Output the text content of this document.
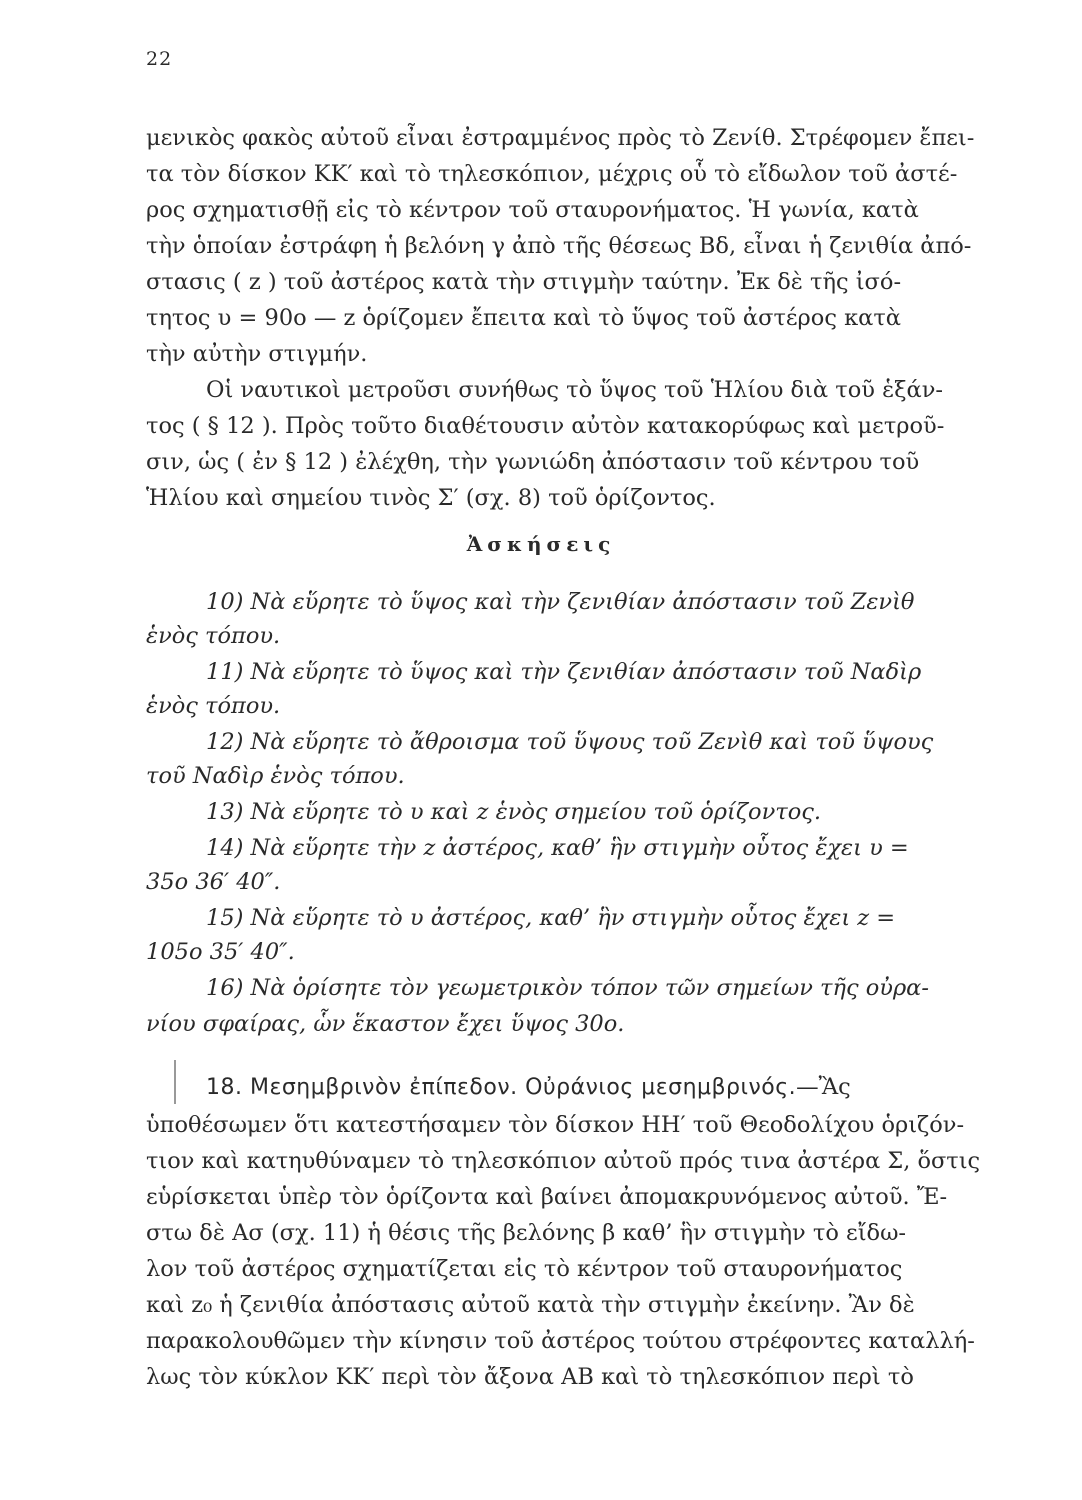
22
μενικὸς φακὸς αὐτοῦ εἶναι ἐστραμμένος πρὸς τὸ Ζενίθ. Στρέφομεν ἔπει-
τα τὸν δίσκον ΚΚ′ καὶ τὸ τηλεσκόπιον, μέχρις οὗ τὸ εἴδωλον τοῦ ἀστέ-
ρος σχηματισθῇ εἰς τὸ κέντρον τοῦ σταυρονήματος. Ἡ γωνία, κατὰ
τὴν ὁποίαν ἐστράφη ἡ βελόνη γ ἀπὸ τῆς θέσεως Βδ, εἶναι ἡ ζενιθία ἀπό-
στασις ( z ) τοῦ ἀστέρος κατὰ τὴν στιγμὴν ταύτην. Ἐκ δὲ τῆς ἰσό-
τητος υ = 90ο — z ὁρίζομεν ἔπειτα καὶ τὸ ὕψος τοῦ ἀστέρος κατὰ
τὴν αὐτὴν στιγμήν.
Οἱ ναυτικοὶ μετροῦσι συνήθως τὸ ὕψος τοῦ Ἡλίου διὰ τοῦ ἑξάν-
τος ( § 12 ). Πρὸς τοῦτο διαθέτουσιν αὐτὸν κατακορύφως καὶ μετροῦ-
σιν, ὡς ( ἐν § 12 ) ἐλέχθη, τὴν γωνιώδη ἀπόστασιν τοῦ κέντρου τοῦ
Ἡλίου καὶ σημείου τινὸς Σ′ (σχ. 8) τοῦ ὁρίζοντος.
Ἀσκήσεις
10) Νὰ εὕρητε τὸ ὕψος καὶ τὴν ζενιθίαν ἀπόστασιν τοῦ Ζενὶθ
ἑνὸς τόπου.
11) Νὰ εὕρητε τὸ ὕψος καὶ τὴν ζενιθίαν ἀπόστασιν τοῦ Ναδὶρ
ἑνὸς τόπου.
12) Νὰ εὕρητε τὸ ἄθροισμα τοῦ ὕψους τοῦ Ζενὶθ καὶ τοῦ ὕψους
τοῦ Ναδὶρ ἑνὸς τόπου.
13) Νὰ εὕρητε τὸ υ καὶ z ἑνὸς σημείου τοῦ ὁρίζοντος.
14) Νὰ εὕρητε τὴν z ἀστέρος, καθ’ ἣν στιγμὴν οὗτος ἔχει υ =
35ο 36′ 40″.
15) Νὰ εὕρητε τὸ υ ἀστέρος, καθ’ ἣν στιγμὴν οὗτος ἔχει z =
105ο 35′ 40″.
16) Νὰ ὁρίσητε τὸν γεωμετρικὸν τόπον τῶν σημείων τῆς οὐρα-
νίου σφαίρας, ὧν ἕκαστον ἔχει ὕψος 30ο.
18. Μεσημβρινὸν ἐπίπεδον. Οὐράνιος μεσημβρινός.—Ἂς
ὑποθέσωμεν ὅτι κατεστήσαμεν τὸν δίσκον ΗΗ′ τοῦ Θεοδολίχου ὁριζόν-
τιον καὶ κατηυθύναμεν τὸ τηλεσκόπιον αὐτοῦ πρός τινα ἀστέρα Σ, ὅστις
εὑρίσκεται ὑπὲρ τὸν ὁρίζοντα καὶ βαίνει ἀπομακρυνόμενος αὐτοῦ. Ἔ-
στω δὲ Ασ (σχ. 11) ἡ θέσις τῆς βελόνης β καθ’ ἣν στιγμὴν τὸ εἴδω-
λον τοῦ ἀστέρος σχηματίζεται εἰς τὸ κέντρον τοῦ σταυρονήματος
καὶ z₀ ἡ ζενιθία ἀπόστασις αὐτοῦ κατὰ τὴν στιγμὴν ἐκείνην. Ἂν δὲ
παρακολουθῶμεν τὴν κίνησιν τοῦ ἀστέρος τούτου στρέφοντες καταλλή-
λως τὸν κύκλον ΚΚ′ περὶ τὸν ἄξονα ΑΒ καὶ τὸ τηλεσκόπιον περὶ τὸ
